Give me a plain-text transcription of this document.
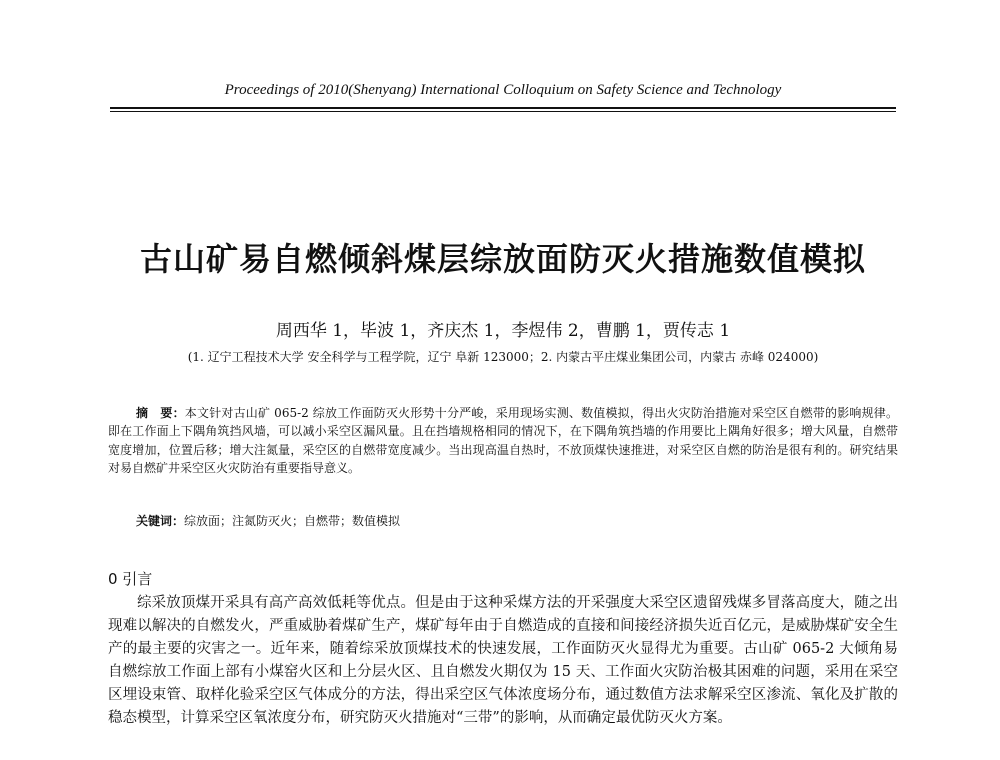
Proceedings of 2010(Shenyang) International Colloquium on Safety Science and Technology
古山矿易自燃倾斜煤层综放面防灭火措施数值模拟
周西华 1，毕波 1，齐庆杰 1，李煜伟 2，曹鹏 1，贾传志 1
(1. 辽宁工程技术大学 安全科学与工程学院，辽宁 阜新 123000；2. 内蒙古平庄煤业集团公司，内蒙古 赤峰 024000)
摘　要：本文针对古山矿 065-2 综放工作面防灭火形势十分严峻，采用现场实测、数值模拟，得出火灾防治措施对采空区自燃带的影响规律。即在工作面上下隅角筑挡风墙，可以减小采空区漏风量。且在挡墙规格相同的情况下，在下隅角筑挡墙的作用要比上隅角好很多；增大风量，自燃带宽度增加，位置后移；增大注氮量，采空区的自燃带宽度减少。当出现高温自热时，不放顶煤快速推进，对采空区自燃的防治是很有利的。研究结果对易自燃矿井采空区火灾防治有重要指导意义。
关键词：综放面；注氮防灭火；自燃带；数值模拟
0 引言
综采放顶煤开采具有高产高效低耗等优点。但是由于这种采煤方法的开采强度大采空区遗留残煤多冒落高度大，随之出现难以解决的自燃发火，严重威胁着煤矿生产，煤矿每年由于自燃造成的直接和间接经济损失近百亿元，是威胁煤矿安全生产的最主要的灾害之一。近年来，随着综采放顶煤技术的快速发展，工作面防灭火显得尤为重要。古山矿 065-2 大倾角易自燃综放工作面上部有小煤窑火区和上分层火区、且自燃发火期仅为 15 天、工作面火灾防治极其困难的问题，采用在采空区埋设束管、取样化验采空区气体成分的方法，得出采空区气体浓度场分布，通过数值方法求解采空区渗流、氧化及扩散的稳态模型，计算采空区氧浓度分布，研究防灭火措施对“三带”的影响，从而确定最优防灭火方案。
